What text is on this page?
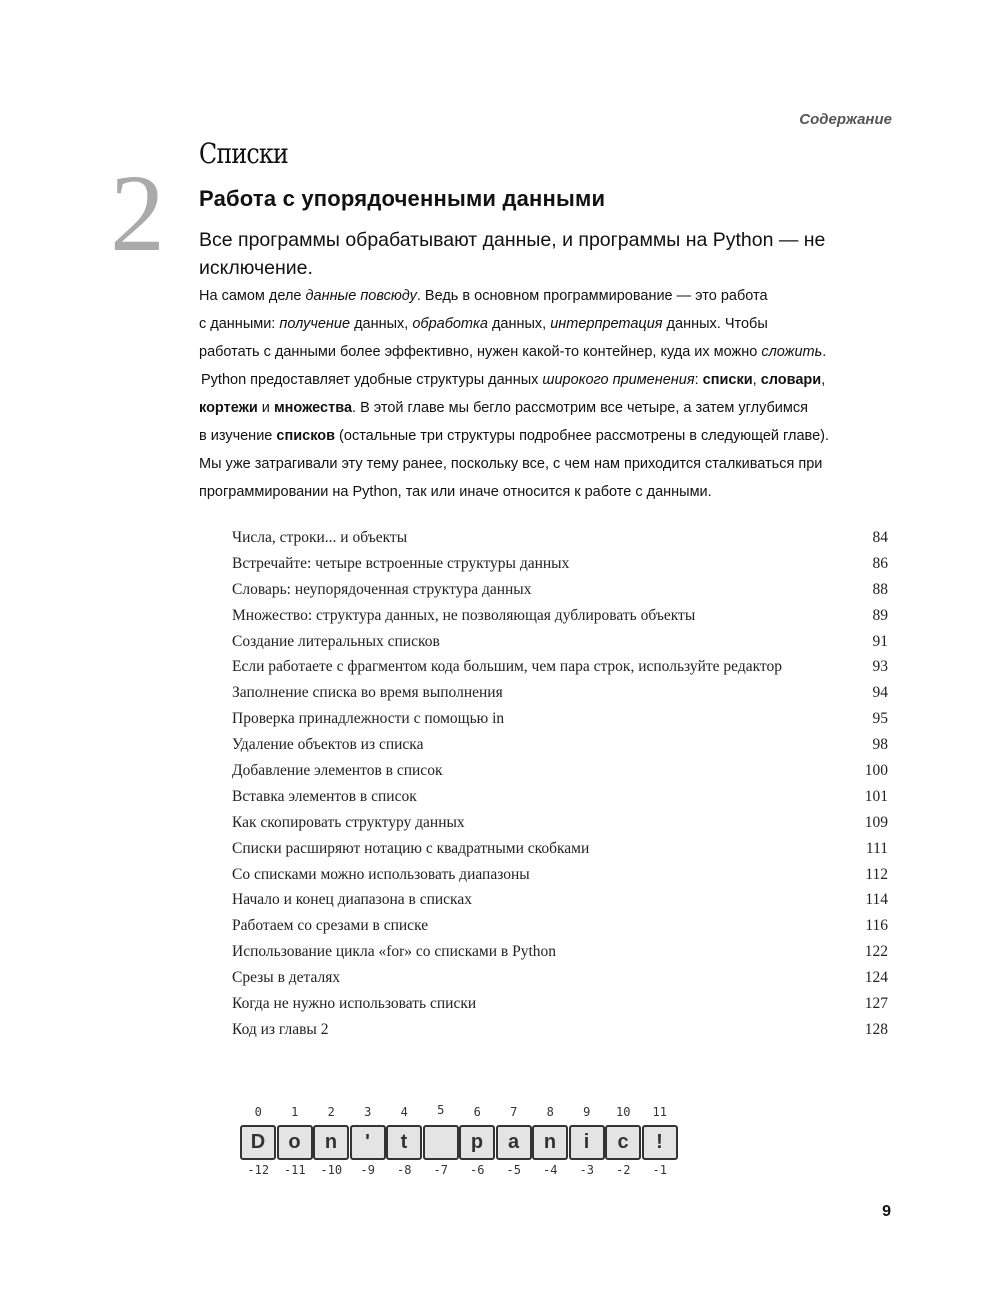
Содержание
Списки
2 Работа с упорядоченными данными
Все программы обрабатывают данные, и программы на Python — не исключение.
На самом деле данные повсюду. Ведь в основном программирование — это работа
с данными: получение данных, обработка данных, интерпретация данных. Чтобы
работать с данными более эффективно, нужен какой-то контейнер, куда их можно сложить.
Python предоставляет удобные структуры данных широкого применения: списки, словари,
кортежи и множества. В этой главе мы бегло рассмотрим все четыре, а затем углубимся
в изучение списков (остальные три структуры подробнее рассмотрены в следующей главе).
Мы уже затрагивали эту тему ранее, поскольку все, с чем нам приходится сталкиваться при
программировании на Python, так или иначе относится к работе с данными.
Числа, строки... и объекты	84
Встречайте: четыре встроенные структуры данных	86
Словарь: неупорядоченная структура данных	88
Множество: структура данных, не позволяющая дублировать объекты	89
Создание литеральных списков	91
Если работаете с фрагментом кода большим, чем пара строк, используйте редактор	93
Заполнение списка во время выполнения	94
Проверка принадлежности с помощью in	95
Удаление объектов из списка	98
Добавление элементов в список	100
Вставка элементов в список	101
Как скопировать структуру данных	109
Списки расширяют нотацию с квадратными скобками	111
Со списками можно использовать диапазоны	112
Начало и конец диапазона в списках	114
Работаем со срезами в списке	116
Использование цикла «for» со списками в Python	122
Срезы в деталях	124
Когда не нужно использовать списки	127
Код из главы 2	128
0
D
-12
1
o
-11
2
n
-10
3
'
-9
4
t
-8
5
-7
6
p
-6
7
a
-5
8
n
-4
9
i
-3
10
c
-2
11
!
-1
9
